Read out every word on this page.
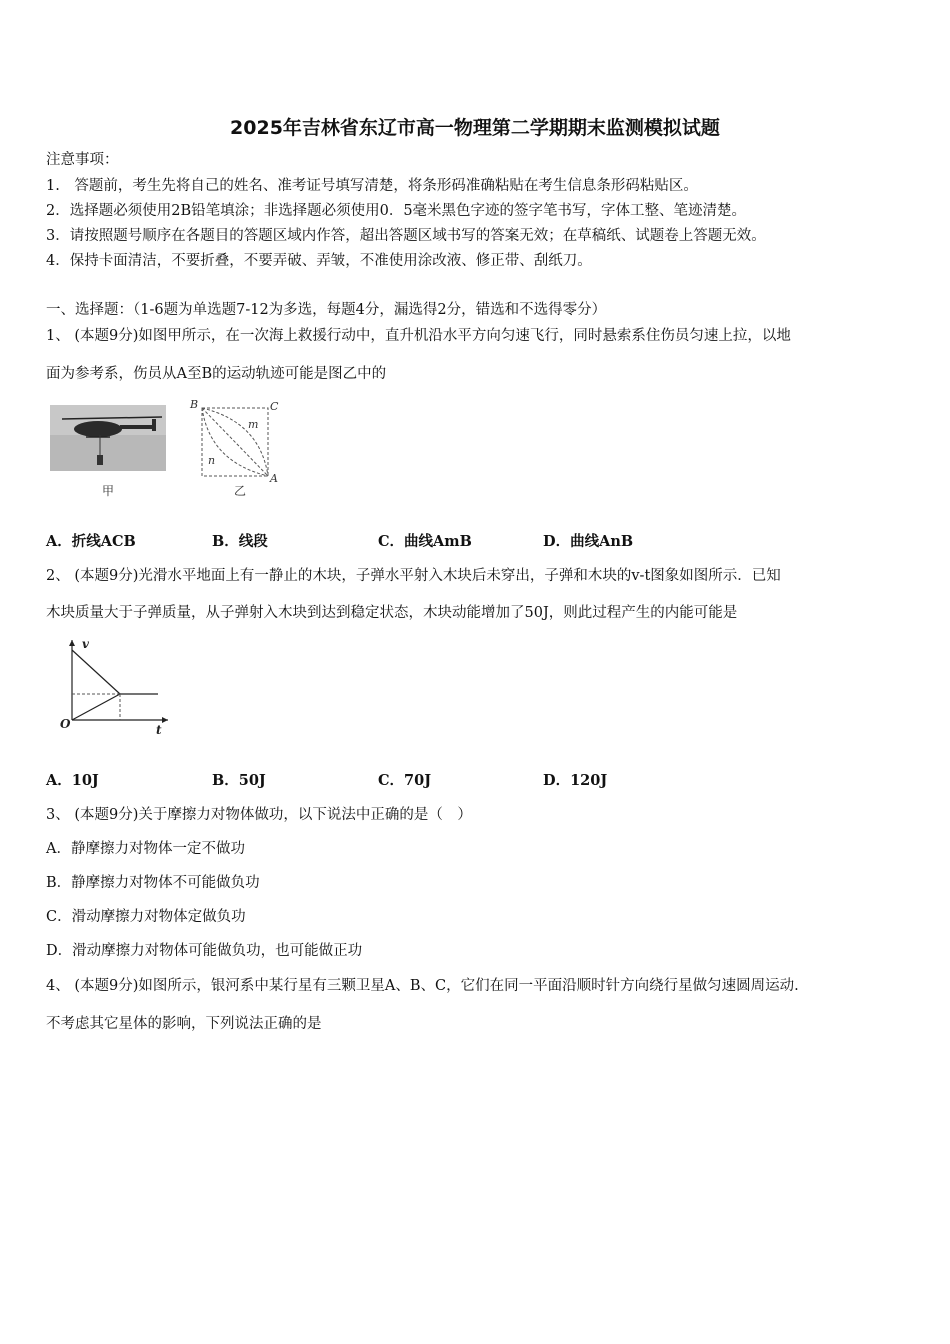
2025年吉林省东辽市高一物理第二学期期末监测模拟试题
注意事项：
1.　答题前，考生先将自己的姓名、准考证号填写清楚，将条形码准确粘贴在考生信息条形码粘贴区。
2．选择题必须使用2B铅笔填涂；非选择题必须使用0．5毫米黑色字迹的签字笔书写，字体工整、笔迹清楚。
3．请按照题号顺序在各题目的答题区域内作答，超出答题区域书写的答案无效；在草稿纸、试题卷上答题无效。
4．保持卡面清洁，不要折叠，不要弄破、弄皱，不准使用涂改液、修正带、刮纸刀。
一、选择题：（1-6题为单选题7-12为多选，每题4分，漏选得2分，错选和不选得零分）
1、 (本题9分)如图甲所示，在一次海上救援行动中，直升机沿水平方向匀速飞行，同时悬索系住伤员匀速上拉，以地
面为参考系，伤员从A至B的运动轨迹可能是图乙中的
甲
B	C
A
m
n
乙
A．折线ACB	B．线段	C．曲线AmB	D．曲线AnB
2、 (本题9分)光滑水平地面上有一静止的木块，子弹水平射入木块后未穿出，子弹和木块的v-t图象如图所示．已知
木块质量大于子弹质量，从子弹射入木块到达到稳定状态，木块动能增加了50J，则此过程产生的内能可能是
v
t
O
A．10J	B．50J	C．70J	D．120J
3、 (本题9分)关于摩擦力对物体做功，以下说法中正确的是（　）
A．静摩擦力对物体一定不做功
B．静摩擦力对物体不可能做负功
C．滑动摩擦力对物体定做负功
D．滑动摩擦力对物体可能做负功，也可能做正功
4、 (本题9分)如图所示，银河系中某行星有三颗卫星A、B、C，它们在同一平面沿顺时针方向绕行星做匀速圆周运动.
不考虑其它星体的影响，下列说法正确的是
